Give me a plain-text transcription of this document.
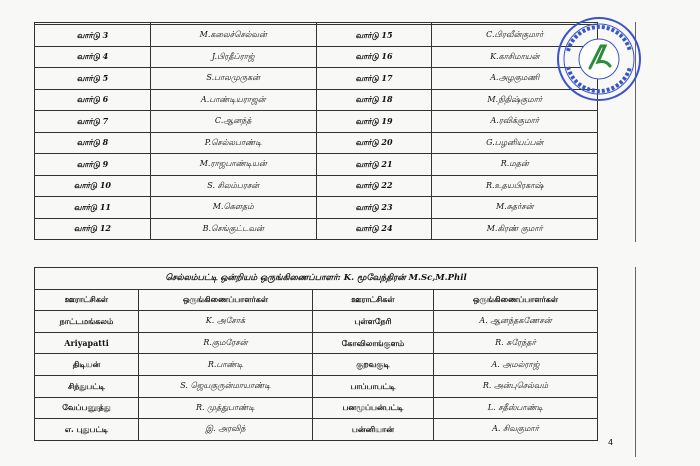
வார்டு 3	M.கலைச்செல்வன்	வார்டு 15	C.பிரவீன்குமார்
வார்டு 4	J.பிரதீப்ராஜ்	வார்டு 16	K.காசிமாயன்
வார்டு 5	S.பாலமுருகன்	வார்டு 17	A.அழகுமணி
வார்டு 6	A.பாண்டியராஜன்	வார்டு 18	M.நிதிஷ்குமார்
வார்டு 7	C.ஆனந்த்	வார்டு 19	A.ரவிக்குமார்
வார்டு 8	P.செல்லபாண்டி	வார்டு 20	G.பழனியப்பன்
வார்டு 9	M.ராஜபாண்டியன்	வார்டு 21	R.மதன்
வார்டு 10	S. சிலம்பரசன்	வார்டு 22	R.உதயபிரகாஷ்
வார்டு 11	M.கௌதம்	வார்டு 23	M.சுதர்சன்
வார்டு 12	B.செங்குட்டவன்	வார்டு 24	M.கிரண் குமார்
செல்லம்பட்டி ஒன்றியம் ஒருங்கிணைப்பாளர்: K. மூவேந்திரன் M.Sc,M.Phil			
ஊராட்சிகள்	ஒருங்கிணைப்பாளர்கள்	ஊராட்சிகள்	ஒருங்கிணைப்பாளர்கள்
நாட்டமங்கலம்	K. அசோக்	புள்ளநேரி	A. ஆனந்தகணேசன்
Ariyapatti	R.குமரேசன்	கோவிலாங்குளம்	R. சுரேந்தர்
திடியன்	R.பாண்டி	குறவகுடி	A. அமல்ராஜ்
சிந்துபட்டி	S. ஜெயகுருன்மாயாண்டி	பாப்பாபட்டி	R. அன்புசெல்வம்
வேப்பனூத்து	R. முத்துபாண்டி	பனமூப்பன்பட்டி	L. சதீஸ்பாண்டி
எ. புதுபட்டி	இ. அரவிந்	பன்னியான்	A. சிவகுமார்
4
